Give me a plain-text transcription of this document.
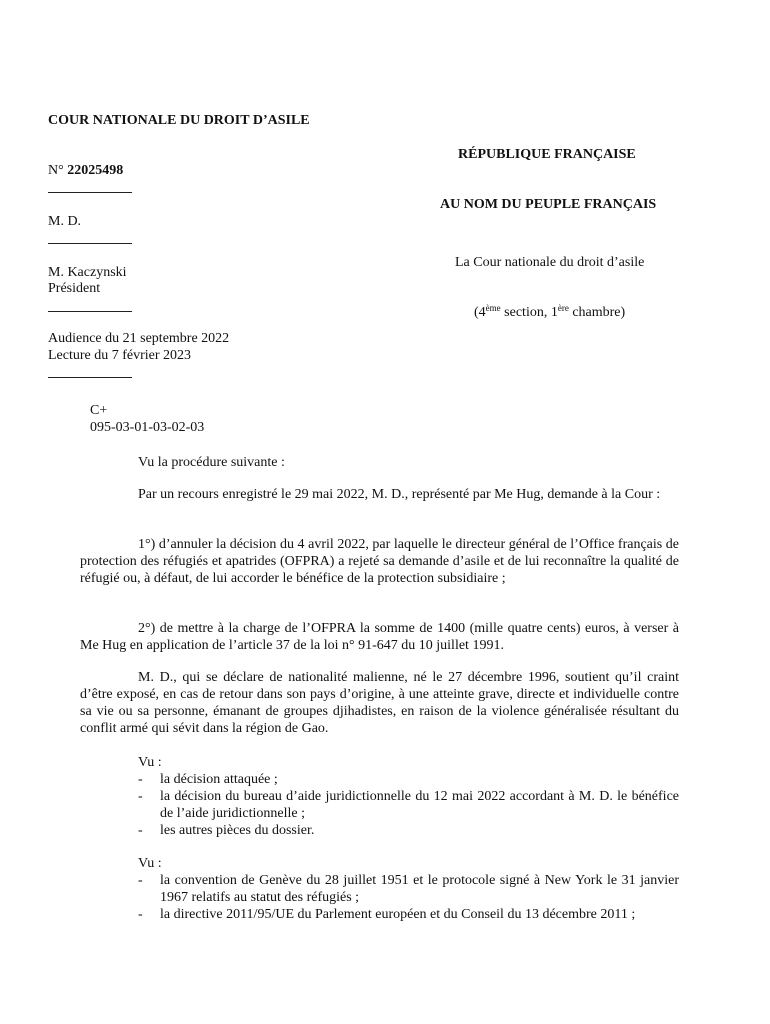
COUR NATIONALE DU DROIT D’ASILE
RÉPUBLIQUE FRANÇAISE
N° 22025498
AU NOM DU PEUPLE FRANÇAIS
M. D.
La Cour nationale du droit d’asile
M. Kaczynski
Président
(4ème section, 1ère chambre)
Audience du 21 septembre 2022
Lecture du 7 février 2023
C+
095-03-01-03-02-03
Vu la procédure suivante :
Par un recours enregistré le 29 mai 2022, M. D., représenté par Me Hug, demande à la Cour :
1°) d’annuler la décision du 4 avril 2022, par laquelle le directeur général de l’Office français de protection des réfugiés et apatrides (OFPRA) a rejeté sa demande d’asile et de lui reconnaître la qualité de réfugié ou, à défaut, de lui accorder le bénéfice de la protection subsidiaire ;
2°) de mettre à la charge de l’OFPRA la somme de 1400 (mille quatre cents) euros, à verser à Me Hug en application de l’article 37 de la loi n° 91-647 du 10 juillet 1991.
M. D., qui se déclare de nationalité malienne, né le 27 décembre 1996, soutient qu’il craint d’être exposé, en cas de retour dans son pays d’origine, à une atteinte grave, directe et individuelle contre sa vie ou sa personne, émanant de groupes djihadistes, en raison de la violence généralisée résultant du conflit armé qui sévit dans la région de Gao.
Vu :
- la décision attaquée ;
- la décision du bureau d’aide juridictionnelle du 12 mai 2022 accordant à M. D. le bénéfice de l’aide juridictionnelle ;
- les autres pièces du dossier.
Vu :
- la convention de Genève du 28 juillet 1951 et le protocole signé à New York le 31 janvier 1967 relatifs au statut des réfugiés ;
- la directive 2011/95/UE du Parlement européen et du Conseil du 13 décembre 2011 ;
